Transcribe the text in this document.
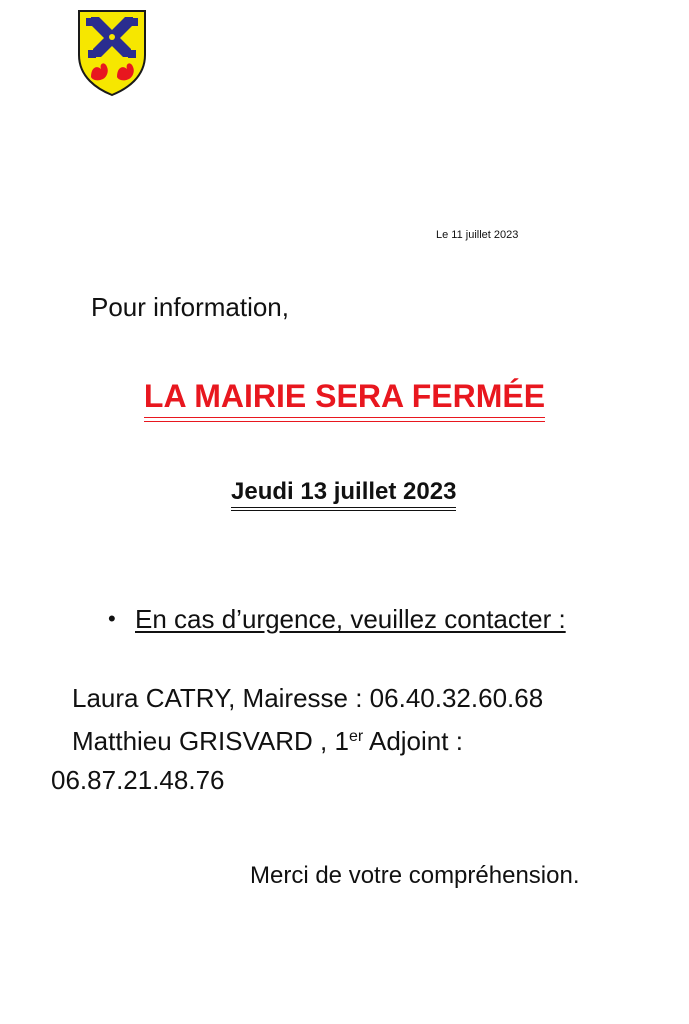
Le 11 juillet 2023
Pour information,
LA MAIRIE SERA FERMÉE
Jeudi 13 juillet 2023
• En cas d’urgence, veuillez contacter :
Laura CATRY, Mairesse : 06.40.32.60.68
Matthieu GRISVARD , 1er Adjoint :
06.87.21.48.76
Merci de votre compréhension.
